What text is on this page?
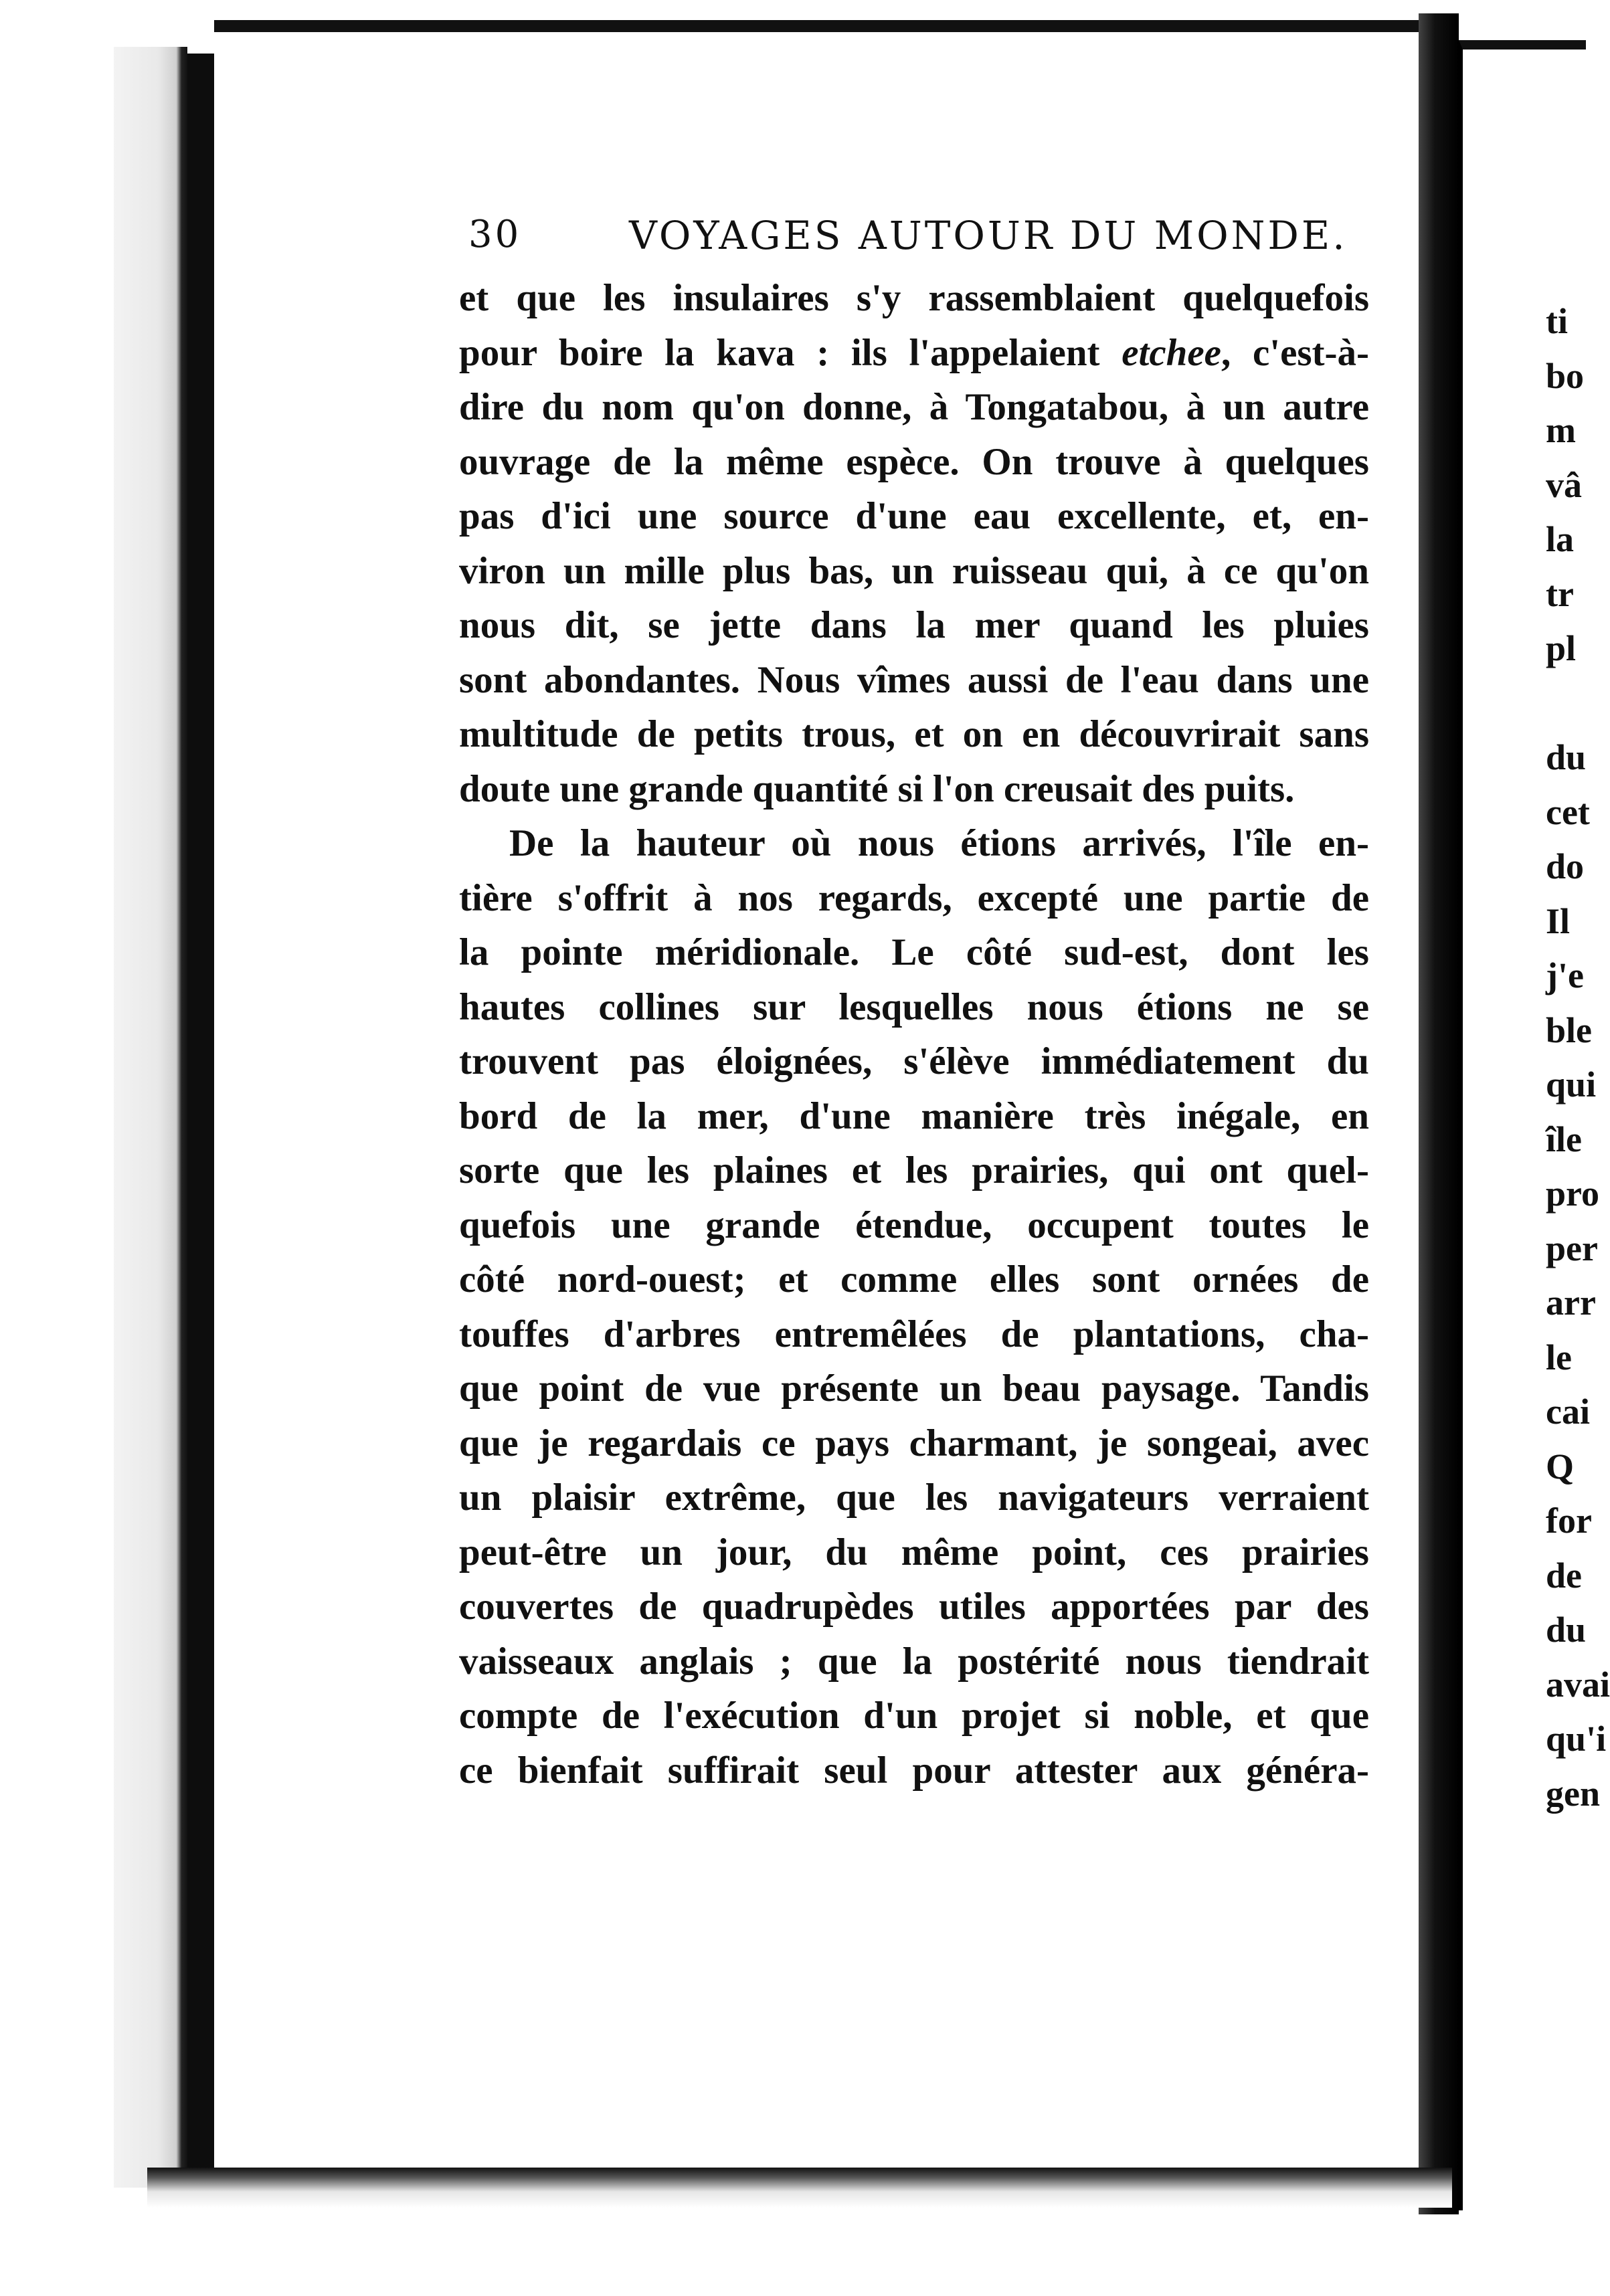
30	VOYAGES AUTOUR DU MONDE.
et que les insulaires s'y rassemblaient quelquefois
pour boire la kava : ils l'appelaient etchee, c'est-à-
dire du nom qu'on donne, à Tongatabou, à un autre
ouvrage de la même espèce. On trouve à quelques
pas d'ici une source d'une eau excellente, et, en-
viron un mille plus bas, un ruisseau qui, à ce qu'on
nous dit, se jette dans la mer quand les pluies
sont abondantes. Nous vîmes aussi de l'eau dans une
multitude de petits trous, et on en découvrirait sans
doute une grande quantité si l'on creusait des puits.
De la hauteur où nous étions arrivés, l'île en-
tière s'offrit à nos regards, excepté une partie de
la pointe méridionale. Le côté sud-est, dont les
hautes collines sur lesquelles nous étions ne se
trouvent pas éloignées, s'élève immédiatement du
bord de la mer, d'une manière très inégale, en
sorte que les plaines et les prairies, qui ont quel-
quefois une grande étendue, occupent toutes le
côté nord-ouest; et comme elles sont ornées de
touffes d'arbres entremêlées de plantations, cha-
que point de vue présente un beau paysage. Tandis
que je regardais ce pays charmant, je songeai, avec
un plaisir extrême, que les navigateurs verraient
peut-être un jour, du même point, ces prairies
couvertes de quadrupèdes utiles apportées par des
vaisseaux anglais ; que la postérité nous tiendrait
compte de l'exécution d'un projet si noble, et que
ce bienfait suffirait seul pour attester aux généra-
ti
bo
m
vâ
la
tr
pl
du
cet
do
Il
j'e
ble
qui
île
pro
per
arr
le
cai
Q
for
de
du
avai
qu'i
gen
